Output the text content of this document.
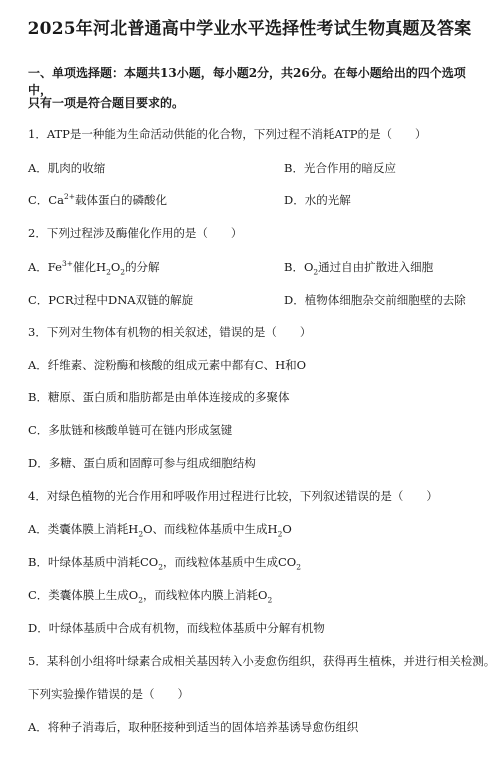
2025年河北普通高中学业水平选择性考试生物真题及答案
一、单项选择题：本题共13小题，每小题2分，共26分。在每小题给出的四个选项中，
只有一项是符合题目要求的。
1．ATP是一种能为生命活动供能的化合物，下列过程不消耗ATP的是（　　）
A．肌肉的收缩	B．光合作用的暗反应
C．$Ca^{2+}$载体蛋白的磷酸化	D．水的光解
2．下列过程涉及酶催化作用的是（　　）
A．$Fe^{3+}$催化$H_2O_2$的分解	B．$O_2$通过自由扩散进入细胞
C．PCR过程中DNA双链的解旋	D．植物体细胞杂交前细胞壁的去除
3．下列对生物体有机物的相关叙述，错误的是（　　）
A．纤维素、淀粉酶和核酸的组成元素中都有C、H和O
B．糖原、蛋白质和脂肪都是由单体连接成的多聚体
C．多肽链和核酸单链可在链内形成氢键
D．多糖、蛋白质和固醇可参与组成细胞结构
4．对绿色植物的光合作用和呼吸作用过程进行比较，下列叙述错误的是（　　）
A．类囊体膜上消耗$H_2O$、而线粒体基质中生成$H_2O$
B．叶绿体基质中消耗$CO_2$，而线粒体基质中生成$CO_2$
C．类囊体膜上生成$O_2$，而线粒体内膜上消耗$O_2$
D．叶绿体基质中合成有机物，而线粒体基质中分解有机物
5．某科创小组将叶绿素合成相关基因转入小麦愈伤组织，获得再生植株，并进行相关检测。
下列实验操作错误的是（　　）
A．将种子消毒后，取种胚接种到适当的固体培养基诱导愈伤组织
